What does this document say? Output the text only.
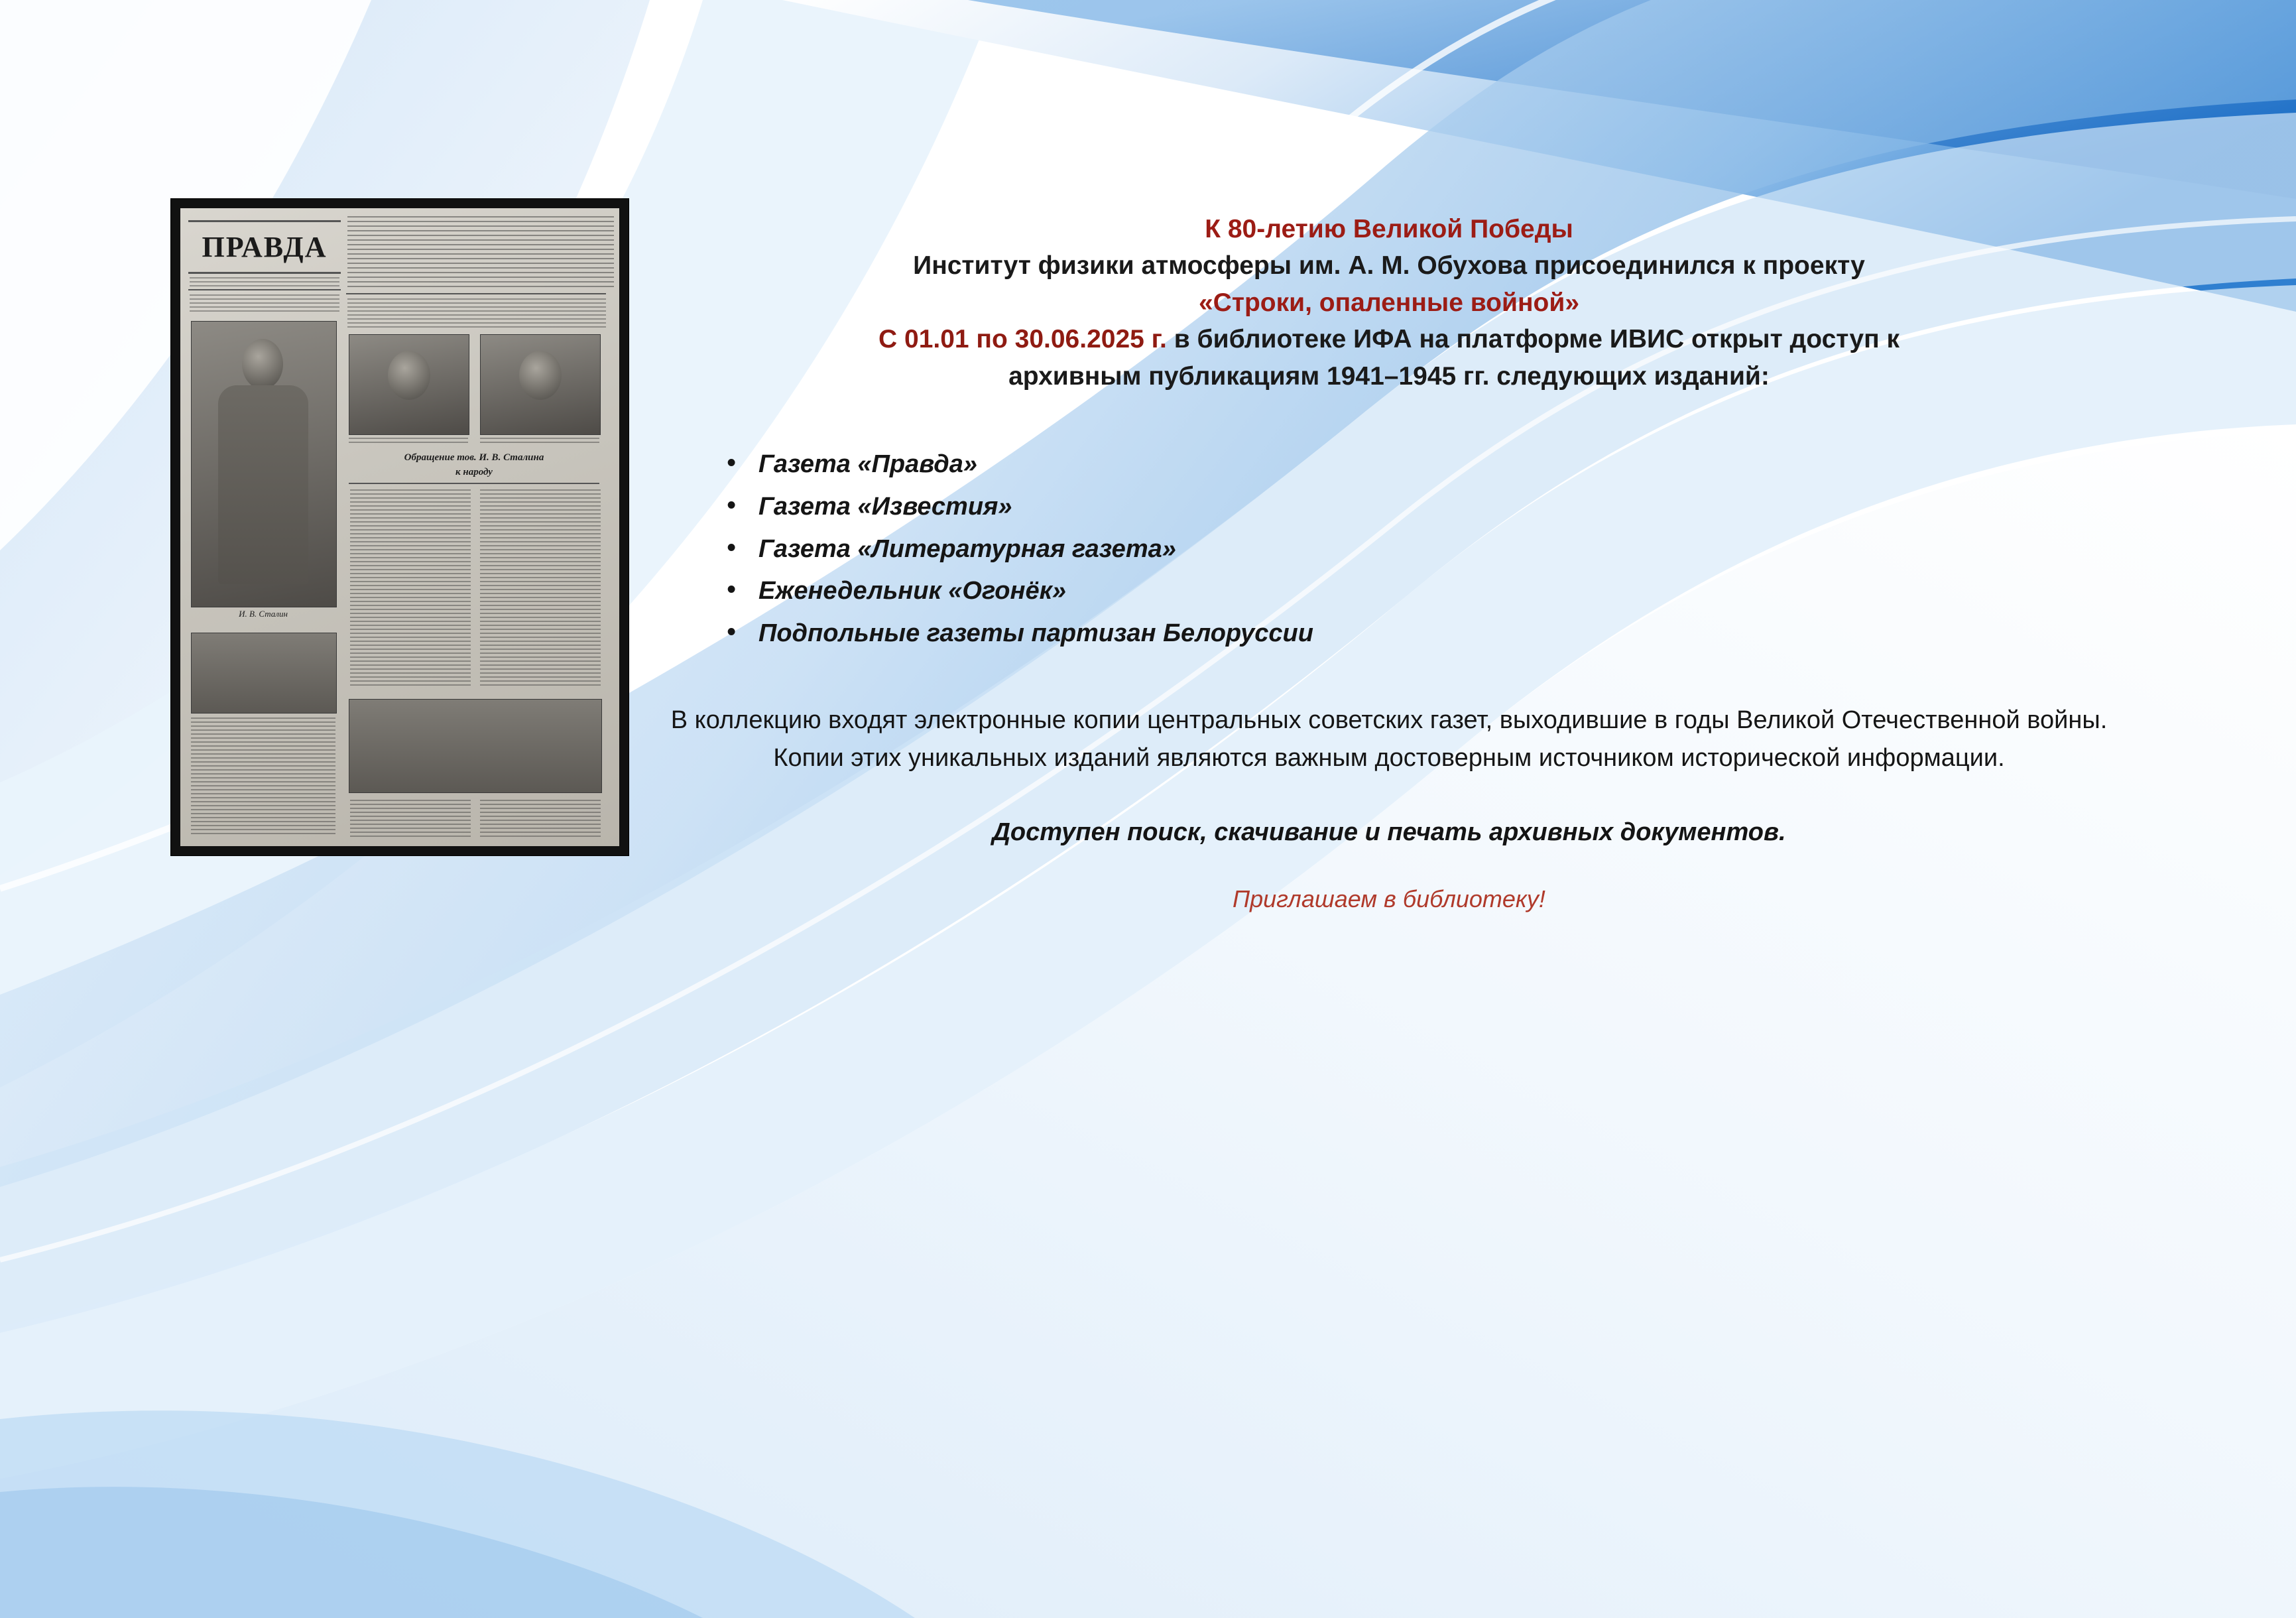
ПРАВДА
И. В. Сталин
Обращение тов. И. В. Сталина
к народу
К 80-летию Великой Победы
Институт физики атмосферы им. А. М. Обухова присоединился к проекту
«Строки, опаленные войной»
С 01.01 по 30.06.2025 г. в библиотеке ИФА на платформе ИВИС открыт доступ к
архивным публикациям 1941–1945 гг. следующих изданий:
• Газета «Правда»
• Газета «Известия»
• Газета «Литературная газета»
• Еженедельник «Огонёк»
• Подпольные газеты партизан Белоруссии
В коллекцию входят электронные копии центральных советских газет, выходившие в годы Великой Отечественной войны. Копии этих уникальных изданий являются важным достоверным источником исторической информации.
Доступен поиск, скачивание и печать архивных документов.
Приглашаем в библиотеку!
